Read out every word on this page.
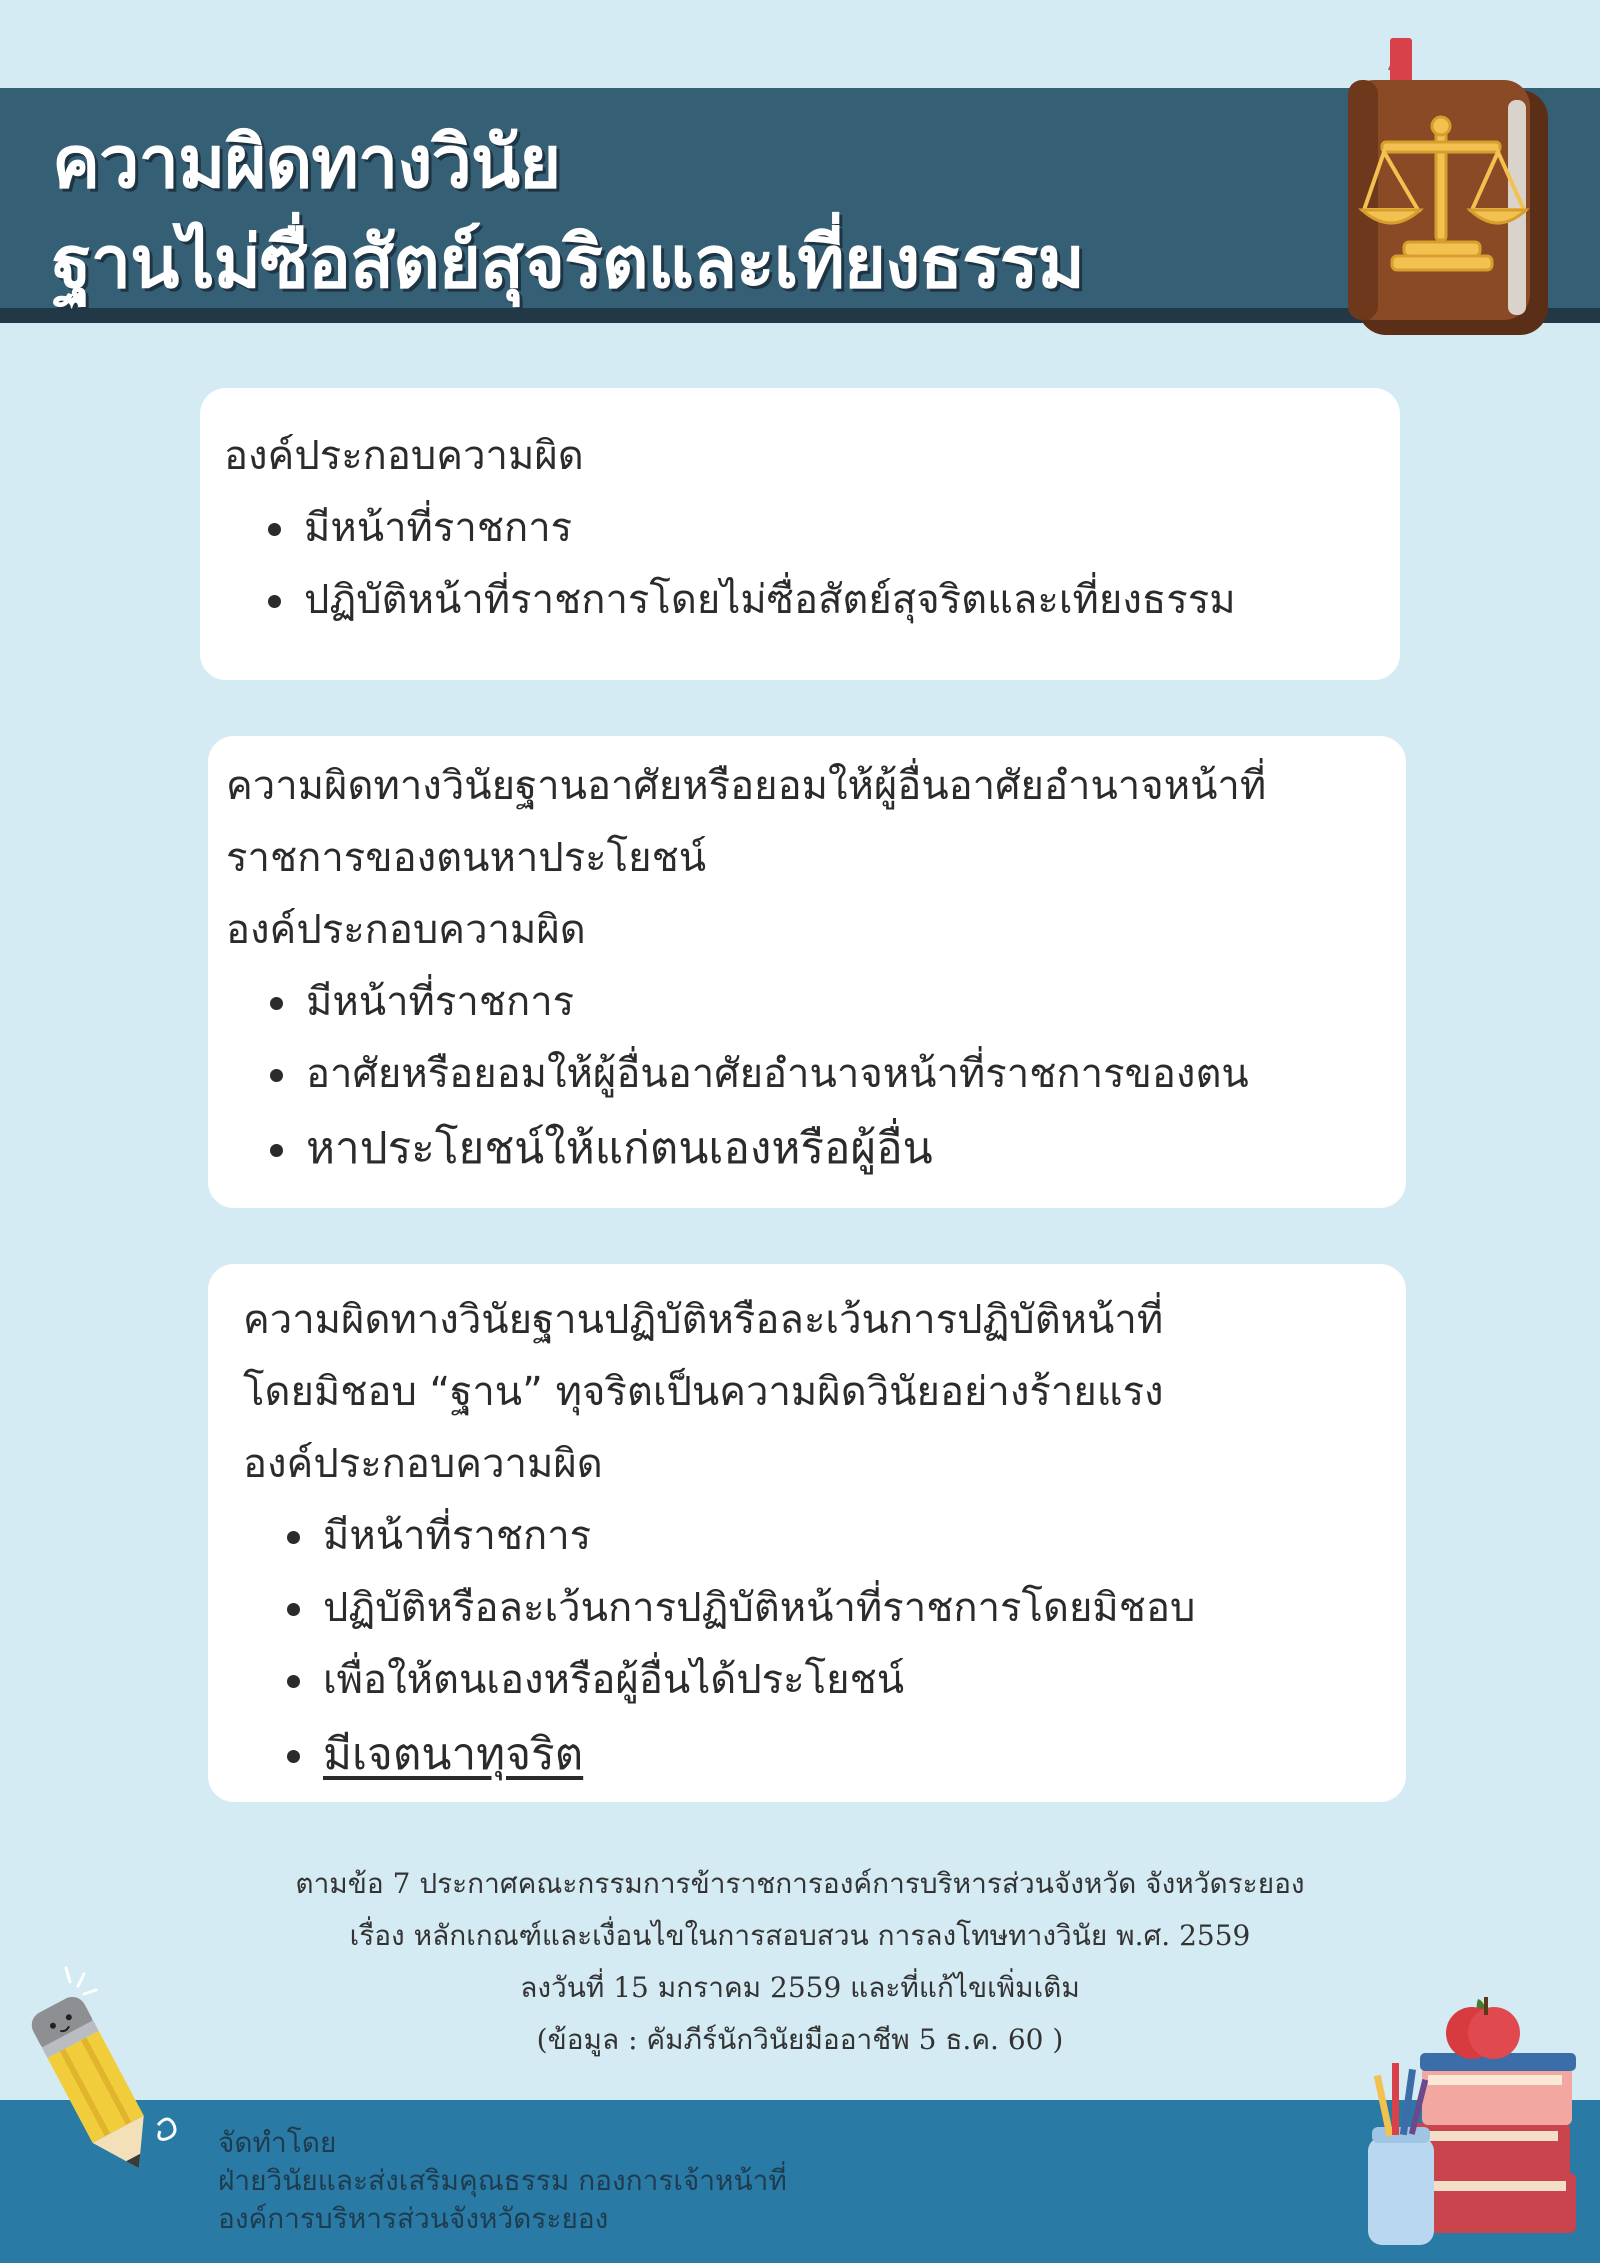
ความผิดทางวินัย
ฐานไม่ซื่อสัตย์สุจริตและเที่ยงธรรม
องค์ประกอบความผิด
มีหน้าที่ราชการ
ปฏิบัติหน้าที่ราชการโดยไม่ซื่อสัตย์สุจริตและเที่ยงธรรม
ความผิดทางวินัยฐานอาศัยหรือยอมให้ผู้อื่นอาศัยอำนาจหน้าที่
ราชการของตนหาประโยชน์
องค์ประกอบความผิด
มีหน้าที่ราชการ
อาศัยหรือยอมให้ผู้อื่นอาศัยอำนาจหน้าที่ราชการของตน
หาประโยชน์ให้แก่ตนเองหรือผู้อื่น
ความผิดทางวินัยฐานปฏิบัติหรือละเว้นการปฏิบัติหน้าที่
โดยมิชอบ “ฐาน” ทุจริตเป็นความผิดวินัยอย่างร้ายแรง
องค์ประกอบความผิด
มีหน้าที่ราชการ
ปฏิบัติหรือละเว้นการปฏิบัติหน้าที่ราชการโดยมิชอบ
เพื่อให้ตนเองหรือผู้อื่นได้ประโยชน์
มีเจตนาทุจริต
ตามข้อ 7 ประกาศคณะกรรมการข้าราชการองค์การบริหารส่วนจังหวัด จังหวัดระยอง
เรื่อง หลักเกณฑ์และเงื่อนไขในการสอบสวน การลงโทษทางวินัย พ.ศ. 2559
ลงวันที่ 15 มกราคม 2559 และที่แก้ไขเพิ่มเติม
(ข้อมูล : คัมภีร์นักวินัยมืออาชีพ 5 ธ.ค. 60 )
จัดทำโดย
ฝ่ายวินัยและส่งเสริมคุณธรรม กองการเจ้าหน้าที่
องค์การบริหารส่วนจังหวัดระยอง
